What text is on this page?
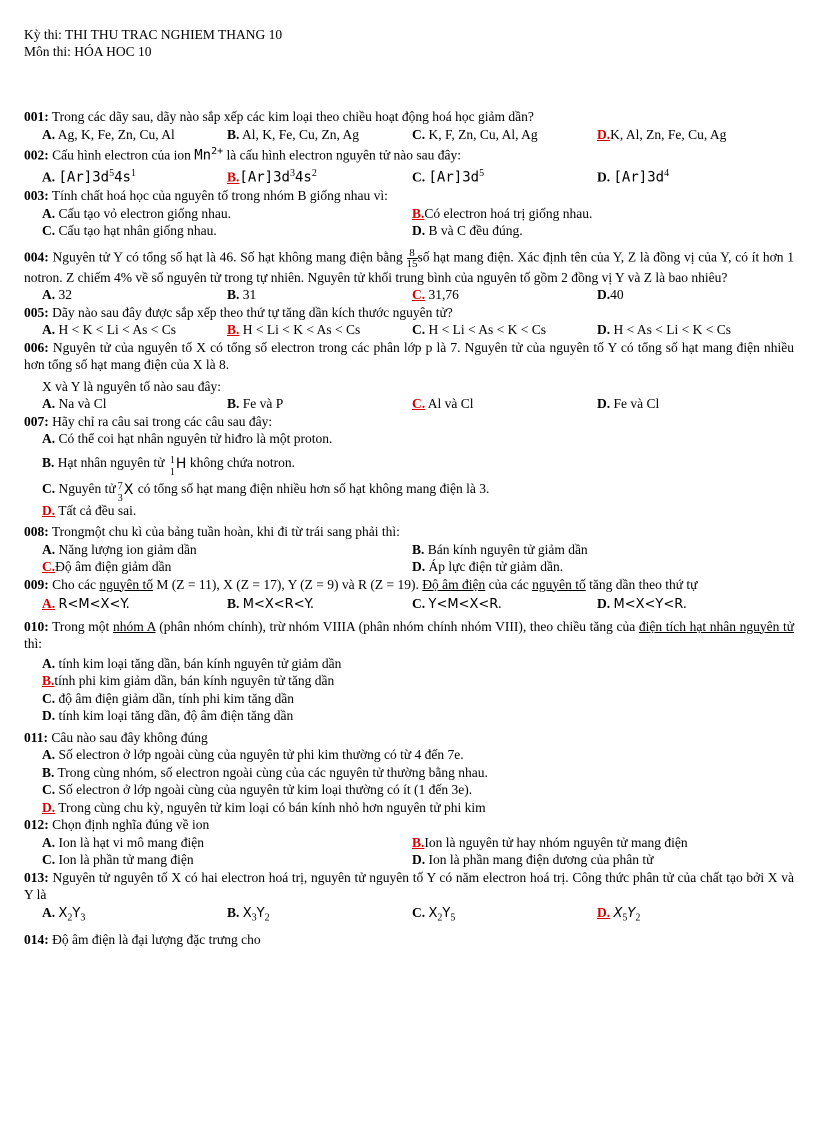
Kỳ thi: THI THU TRAC NGHIEM THANG 10
Môn thi: HÓA HOC 10
001: Trong các dãy sau, dãy nào sắp xếp các kim loại theo chiều hoạt động hoá học giảm dần?
A. Ag, K, Fe, Zn, Cu, Al	B. Al, K, Fe, Cu, Zn, Ag	C. K, F, Zn, Cu, Al, Ag	D.K, Al, Zn, Fe, Cu, Ag
002: Cấu hình electron của ion $Mn^{2+}$ là cấu hình electron nguyên tử nào sau đây:
A. $[Ar]3d^54s^1$	$B.[Ar]3d^34s^2$	C. $[Ar]3d^5$	D. $[Ar]3d^4$
003: Tính chất hoá học của nguyên tố trong nhóm B giống nhau vì:
A. Cấu tạo vỏ electron giống nhau.	B.Có electron hoá trị giống nhau.
C. Cấu tạo hạt nhân giống nhau.	D. B và C đều đúng.
004: Nguyên tử Y có tổng số hạt là 46. Số hạt không mang điện bằng $\frac{8}{15}$ số hạt mang điện. Xác định tên của Y, Z là đồng vị của Y, có ít hơn 1 notron. Z chiếm 4% về số nguyên tử trong tự nhiên. Nguyên tử khối trung bình của nguyên tố gồm 2 đồng vị Y và Z là bao nhiêu?
A. 32	B. 31	C. 31,76	D.40
005: Dãy nào sau đây được sắp xếp theo thứ tự tăng dần kích thước nguyên tử?
A. H < K < Li < As < Cs	B. H < Li < K < As < Cs	C. H < Li < As < K < Cs	D. H < As < Li < K < Cs
006: Nguyên tử của nguyên tố X có tổng số electron trong các phân lớp p là 7. Nguyên tử của nguyên tố Y có tổng số hạt mang điện nhiều hơn tổng số hạt mang điện của X là 8.
X và Y là nguyên tố nào sau đây:
A. Na và Cl	B. Fe và P	C. Al và Cl	D. Fe và Cl
007: Hãy chỉ ra câu sai trong các câu sau đây:
A. Có thể coi hạt nhân nguyên tử hiđro là một proton.
B. Hạt nhân nguyên tử 1
1
H không chứa notron.
C. Nguyên tử 7
3
X có tổng số hạt mang điện nhiều hơn số hạt không mang điện là 3.
D. Tất cả đều sai.
008: Trongmột chu kì của bảng tuần hoàn, khi đi từ trái sang phải thì:
A. Năng lượng ion giảm dần	B. Bán kính nguyên tử giảm dần
C.Độ âm điện giảm dần	D. Áp lực điện tử giảm dần.
009: Cho các nguyên tố M (Z = 11), X (Z = 17), Y (Z = 9) và R (Z = 19). Độ âm điện của các nguyên tố tăng dần theo thứ tự
A. R<M<X<Y.	B. M<X<R<Y.	C. Y<M<X<R.	D. M<X<Y<R.
010: Trong một nhóm A (phân nhóm chính), trừ nhóm VIIIA (phân nhóm chính nhóm VIII), theo chiều tăng của điện tích hạt nhân nguyên tử thì:
A. tính kim loại tăng dần, bán kính nguyên tử giảm dần
B.tính phi kim giảm dần, bán kính nguyên tử tăng dần
C. độ âm điện giảm dần, tính phi kim tăng dần
D. tính kim loại tăng dần, độ âm điện tăng dần
011: Câu nào sau đây không đúng
A. Số electron ở lớp ngoài cùng của nguyên tử phi kim thường có từ 4 đến 7e.
B. Trong cùng nhóm, số electron ngoài cùng của các nguyên tử thường bằng nhau.
C. Số electron ở lớp ngoài cùng của nguyên tử kim loại thường có ít (1 đến 3e).
D. Trong cùng chu kỳ, nguyên tử kim loại có bán kính nhỏ hơn nguyên tử phi kim
012: Chọn định nghĩa đúng về ion
A. Ion là hạt vi mô mang điện	B.Ion là nguyên tử hay nhóm nguyên tử mang điện
C. Ion là phần tử mang điện	D. Ion là phần mang điện dương của phân tử
013: Nguyên tử nguyên tố X có hai electron hoá trị, nguyên tử nguyên tố Y có năm electron hoá trị. Công thức phân tử của chất tạo bởi X và Y là
A. $X_2Y_3$	B. $X_3Y_2$	C. $X_2Y_5$	D. $X_5Y_2$
014: Độ âm điện là đại lượng đặc trưng cho
